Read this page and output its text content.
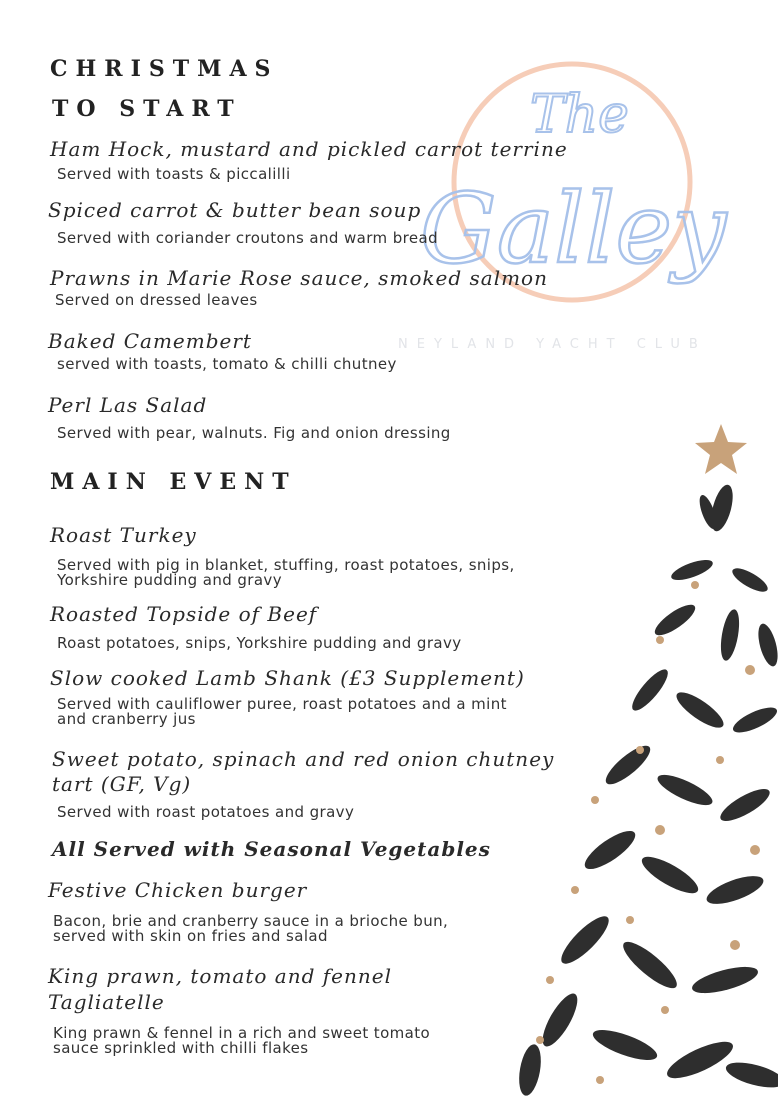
The
Galley
NEYLAND YACHT CLUB
CHRISTMAS
TO START
Ham Hock, mustard and pickled carrot terrine
Served with toasts & piccalilli
Spiced carrot & butter bean soup
Served with coriander croutons and warm bread
Prawns in Marie Rose sauce, smoked salmon
Served on dressed leaves
Baked Camembert
served with toasts, tomato & chilli chutney
Perl Las Salad
Served with pear, walnuts. Fig and onion dressing
MAIN EVENT
Roast Turkey
Served with pig in blanket, stuffing, roast potatoes, snips,
Yorkshire pudding and gravy
Roasted Topside of Beef
Roast potatoes, snips, Yorkshire pudding and gravy
Slow cooked Lamb Shank (£3 Supplement)
Served with cauliflower puree, roast potatoes and a mint
and cranberry jus
Sweet potato, spinach and red onion chutney
tart (GF, Vg)
Served with roast potatoes and gravy
All Served with Seasonal Vegetables
Festive Chicken burger
Bacon, brie and cranberry sauce in a brioche bun,
served with skin on fries and salad
King prawn, tomato and fennel
Tagliatelle
King prawn & fennel in a rich and sweet tomato
sauce sprinkled with chilli flakes
